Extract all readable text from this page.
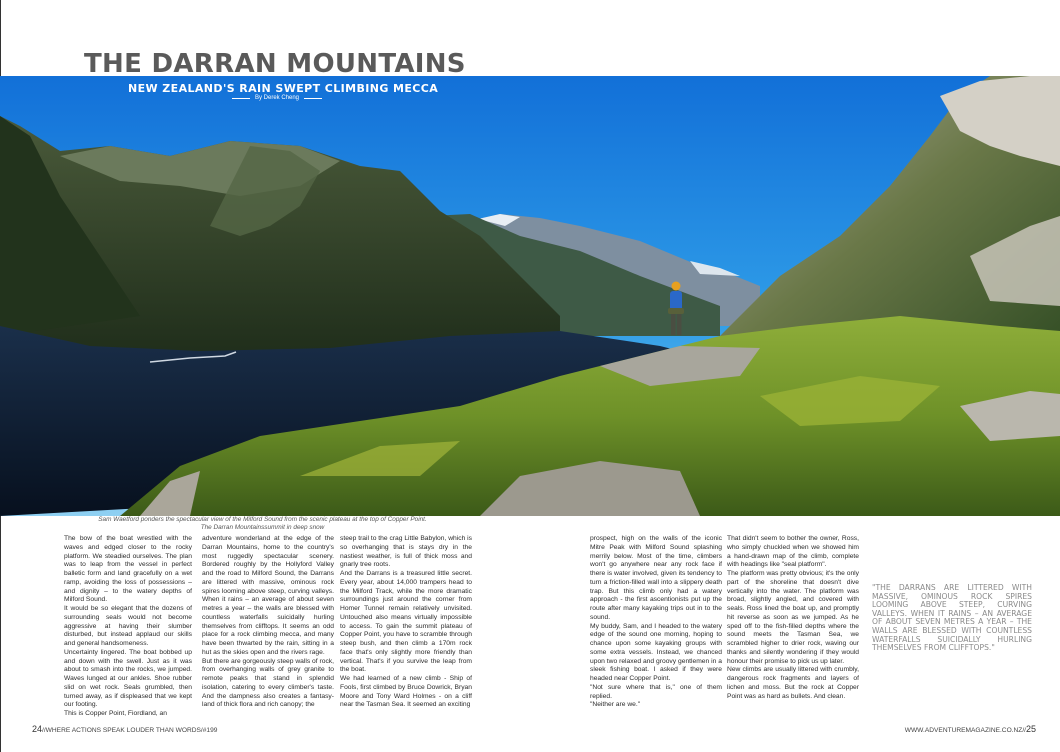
THE DARRAN MOUNTAINS
NEW ZEALAND'S RAIN SWEPT CLIMBING MECCA
By Derek Cheng
Sam Waetford ponders the spectacular view of the Milford Sound from the scenic plateau at the top of Copper Point.
The Darran Mountainssummit in deep snow

The bow of the boat wrestled with the waves and edged closer to the rocky platform. We steadied ourselves. The plan was to leap from the vessel in perfect balletic form and land gracefully on a wet ramp, avoiding the loss of possessions – and dignity – to the watery depths of Milford Sound.

It would be so elegant that the dozens of surrounding seals would not become aggressive at having their slumber disturbed, but instead applaud our skills and general handsomeness.

Uncertainty lingered. The boat bobbed up and down with the swell. Just as it was about to smash into the rocks, we jumped. Waves lunged at our ankles. Shoe rubber slid on wet rock. Seals grumbled, then turned away, as if displeased that we kept our footing.

This is Copper Point, Fiordland, an

adventure wonderland at the edge of the Darran Mountains, home to the country's most ruggedly spectacular scenery. Bordered roughly by the Hollyford Valley and the road to Milford Sound, the Darrans are littered with massive, ominous rock spires looming above steep, curving valleys. When it rains – an average of about seven metres a year – the walls are blessed with countless waterfalls suicidally hurling themselves from clifftops. It seems an odd place for a rock climbing mecca, and many have been thwarted by the rain, sitting in a hut as the skies open and the rivers rage.

But there are gorgeously steep walls of rock, from overhanging walls of grey granite to remote peaks that stand in splendid isolation, catering to every climber's taste. And the dampness also creates a fantasy-land of thick flora and rich canopy; the

steep trail to the crag Little Babylon, which is so overhanging that is stays dry in the nastiest weather, is full of thick moss and gnarly tree roots.

And the Darrans is a treasured little secret. Every year, about 14,000 trampers head to the Milford Track, while the more dramatic surroundings just around the corner from Homer Tunnel remain relatively unvisited. Untouched also means virtually impossible to access. To gain the summit plateau of Copper Point, you have to scramble through steep bush, and then climb a 170m rock face that's only slightly more friendly than vertical. That's if you survive the leap from the boat.

We had learned of a new climb - Ship of Fools, first climbed by Bruce Dowrick, Bryan Moore and Tony Ward Holmes - on a cliff near the Tasman Sea. It seemed an exciting

prospect, high on the walls of the iconic Mitre Peak with Milford Sound splashing merrily below. Most of the time, climbers won't go anywhere near any rock face if there is water involved, given its tendency to turn a friction-filled wall into a slippery death trap. But this climb only had a watery approach - the first ascentionists put up the route after many kayaking trips out in to the sound.

My buddy, Sam, and I headed to the watery edge of the sound one morning, hoping to chance upon some kayaking groups with some extra vessels. Instead, we chanced upon two relaxed and groovy gentlemen in a sleek fishing boat. I asked if they were headed near Copper Point.

"Not sure where that is," one of them replied.

"Neither are we."

That didn't seem to bother the owner, Ross, who simply chuckled when we showed him a hand-drawn map of the climb, complete with headings like "seal platform".

The platform was pretty obvious; it's the only part of the shoreline that doesn't dive vertically into the water. The platform was broad, slightly angled, and covered with seals. Ross lined the boat up, and promptly hit reverse as soon as we jumped. As he sped off to the fish-filled depths where the sound meets the Tasman Sea, we scrambled higher to drier rock, waving our thanks and silently wondering if they would honour their promise to pick us up later.

New climbs are usually littered with crumbly, dangerous rock fragments and layers of lichen and moss. But the rock at Copper Point was as hard as bullets. And clean.

"THE DARRANS ARE LITTERED WITH MASSIVE, OMINOUS ROCK SPIRES LOOMING ABOVE STEEP, CURVING VALLEYS. WHEN IT RAINS – AN AVERAGE OF ABOUT SEVEN METRES A YEAR – THE WALLS ARE BLESSED WITH COUNTLESS WATERFALLS SUICIDALLY HURLING THEMSELVES FROM CLIFFTOPS."
24//WHERE ACTIONS SPEAK LOUDER THAN WORDS/#199	WWW.ADVENTUREMAGAZINE.CO.NZ//25
